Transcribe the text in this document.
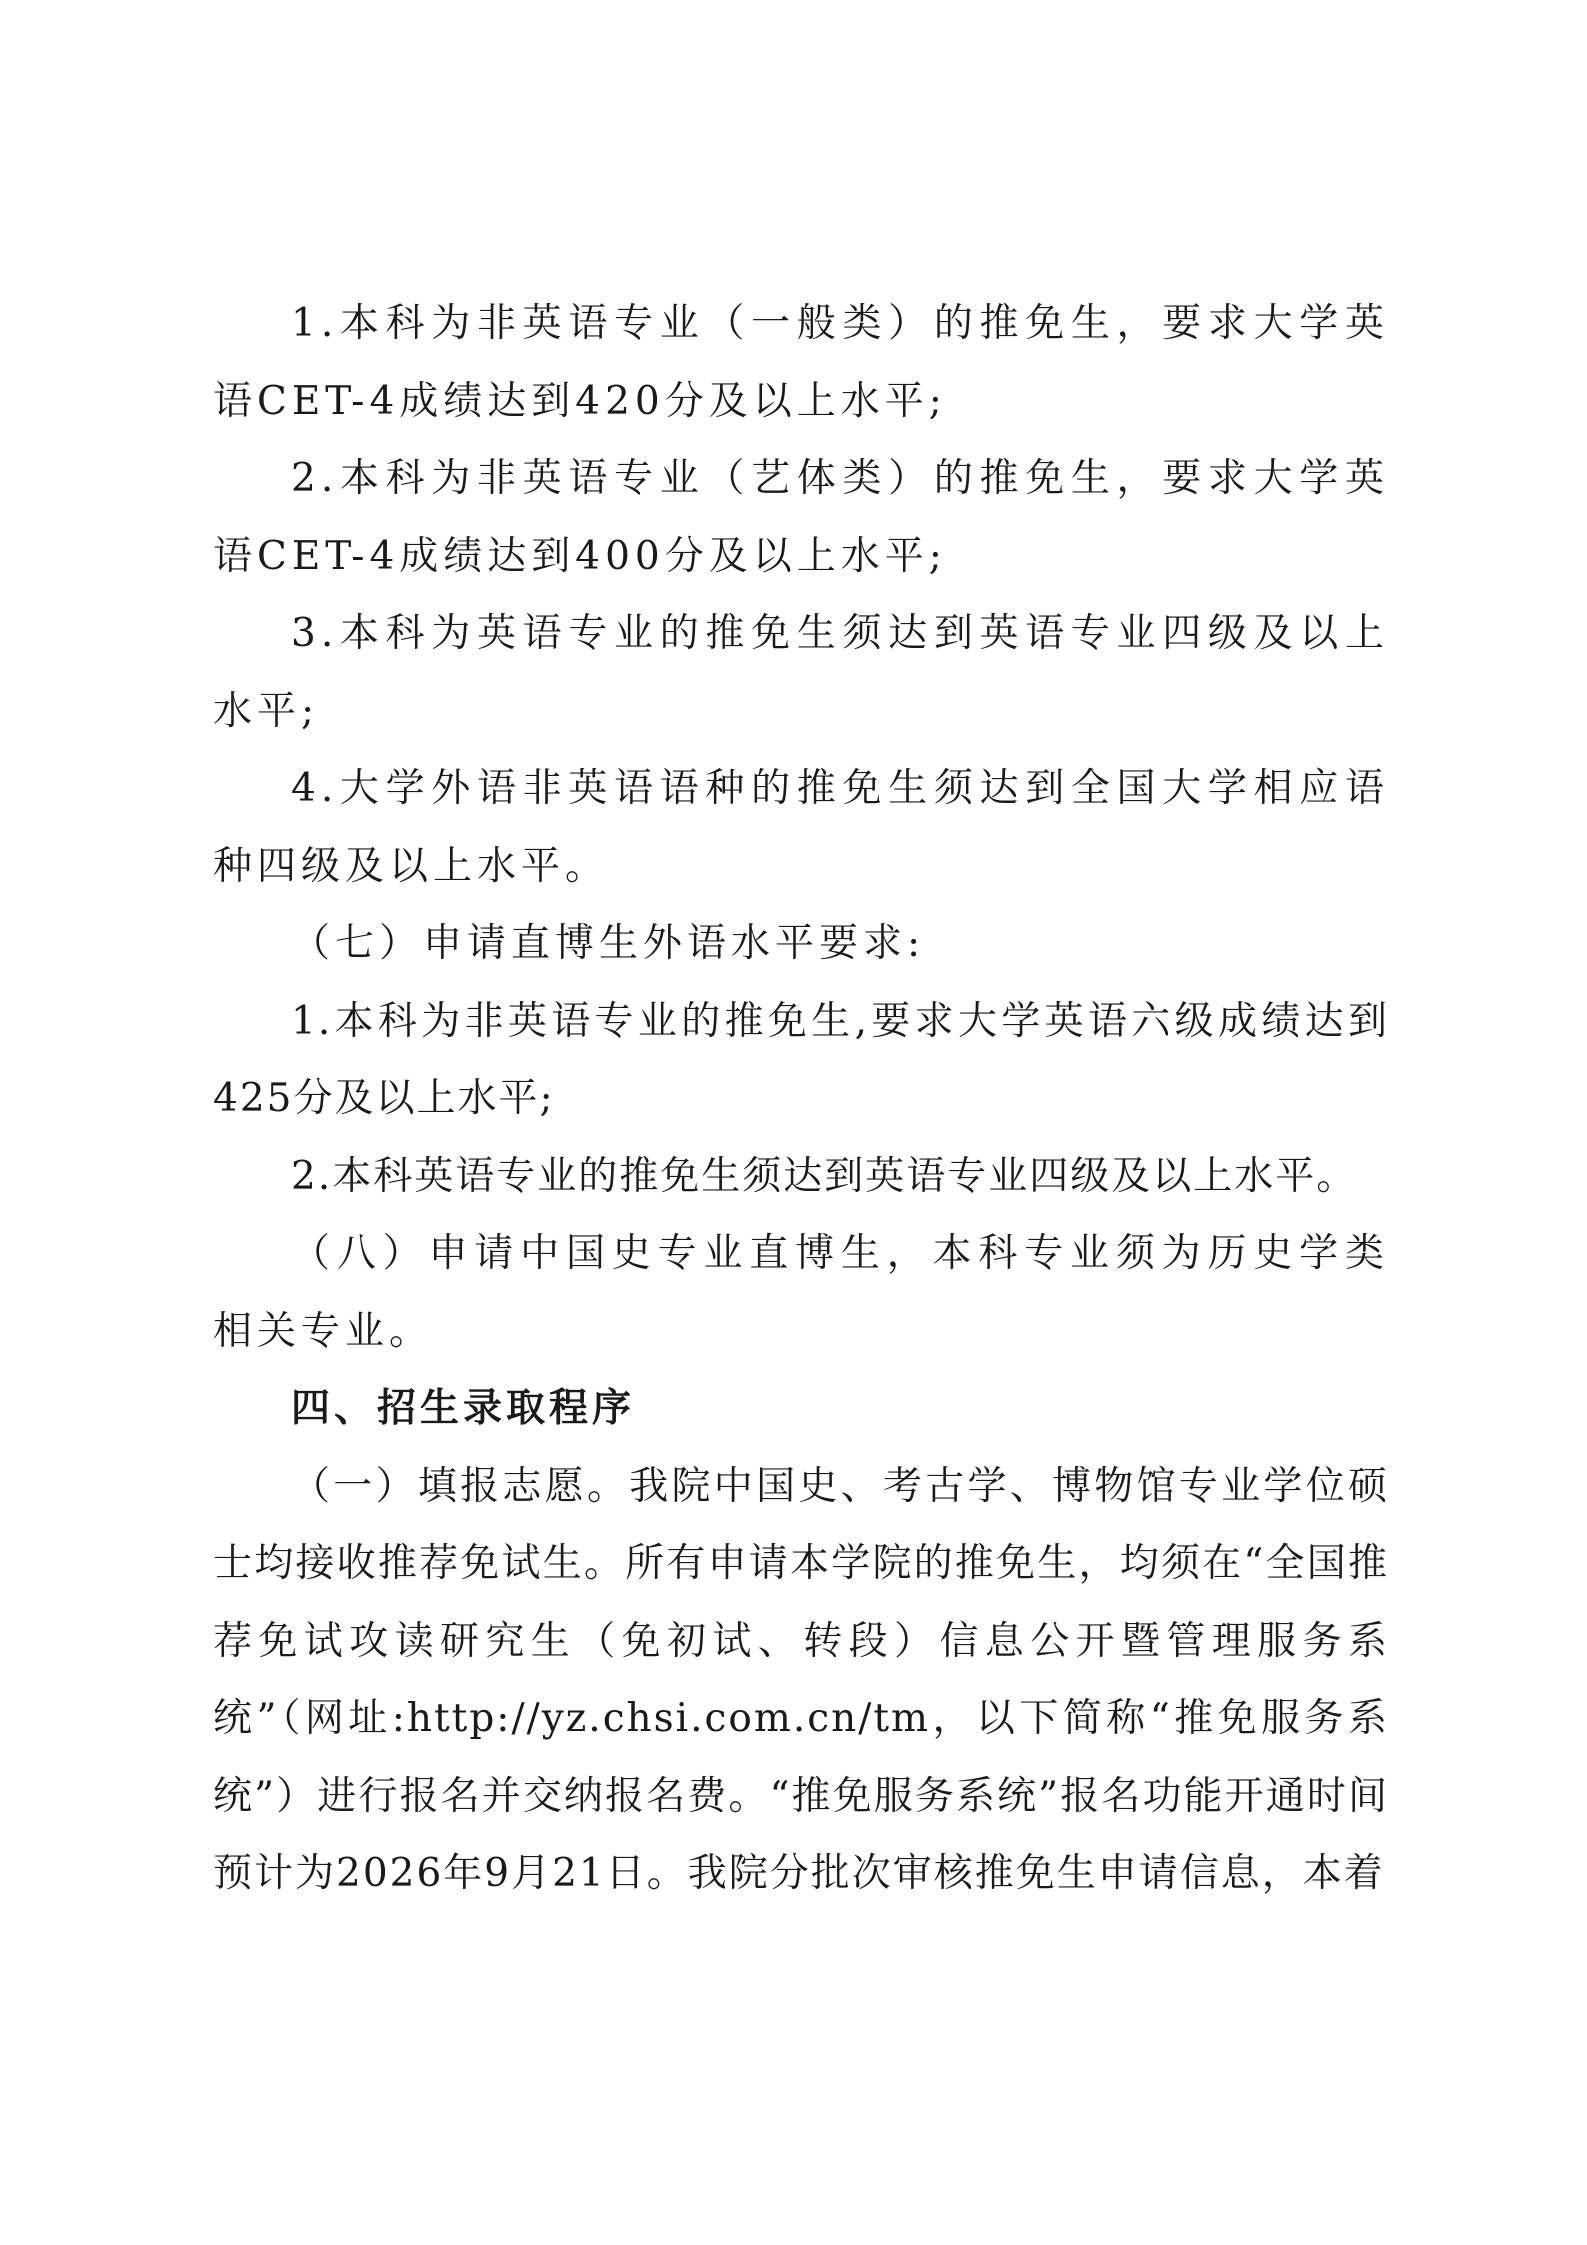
1.本科为非英语专业（一般类）的推免生，要求大学英语CET-4成绩达到420分及以上水平;

2.本科为非英语专业（艺体类）的推免生，要求大学英语CET-4成绩达到400分及以上水平;

3.本科为英语专业的推免生须达到英语专业四级及以上水平;

4.大学外语非英语语种的推免生须达到全国大学相应语种四级及以上水平。

（七）申请直博生外语水平要求:

1.本科为非英语专业的推免生,要求大学英语六级成绩达到425分及以上水平;

2.本科英语专业的推免生须达到英语专业四级及以上水平。

（八）申请中国史专业直博生，本科专业须为历史学类相关专业。

四、招生录取程序

（一）填报志愿。我院中国史、考古学、博物馆专业学位硕士均接收推荐免试生。所有申请本学院的推免生，均须在“全国推荐免试攻读研究生（免初试、转段）信息公开暨管理服务系统”（网址:http://yz.chsi.com.cn/tm，以下简称“推免服务系统”）进行报名并交纳报名费。“推免服务系统”报名功能开通时间预计为2026年9月21日。我院分批次审核推免生申请信息，本着
